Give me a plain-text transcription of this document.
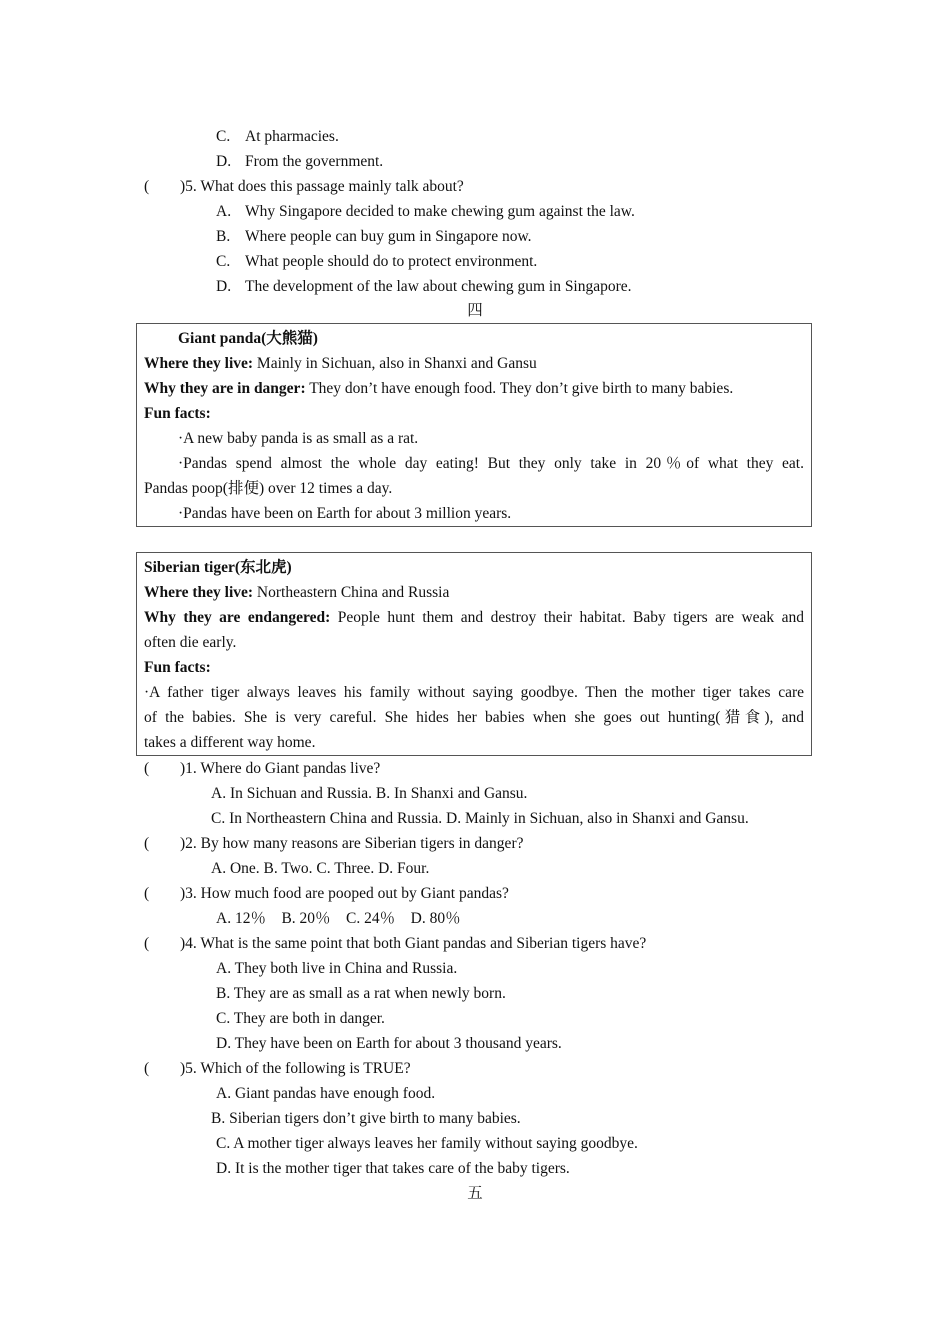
C. At pharmacies.
D. From the government.
( )5. What does this passage mainly talk about?
A. Why Singapore decided to make chewing gum against the law.
B. Where people can buy gum in Singapore now.
C. What people should do to protect environment.
D. The development of the law about chewing gum in Singapore.
四
Giant panda(大熊猫)
Where they live: Mainly in Sichuan, also in Shanxi and Gansu
Why they are in danger: They don’t have enough food. They don’t give birth to many babies.
Fun facts:
·A new baby panda is as small as a rat.
·Pandas spend almost the whole day eating! But they only take in 20％of what they eat.
Pandas poop(排便) over 12 times a day.
·Pandas have been on Earth for about 3 million years.
Siberian tiger(东北虎)
Where they live: Northeastern China and Russia
Why they are endangered: People hunt them and destroy their habitat. Baby tigers are weak and
often die early.
Fun facts:
·A father tiger always leaves his family without saying goodbye. Then the mother tiger takes care
of the babies. She is very careful. She hides her babies when she goes out hunting(猎食), and
takes a different way home.
( )1. Where do Giant pandas live?
A. In Sichuan and Russia. B. In Shanxi and Gansu.
C. In Northeastern China and Russia. D. Mainly in Sichuan, also in Shanxi and Gansu.
( )2. By how many reasons are Siberian tigers in danger?
A. One. B. Two. C. Three. D. Four.
( )3. How much food are pooped out by Giant pandas?
A. 12％    B. 20％    C. 24％    D. 80％
( )4. What is the same point that both Giant pandas and Siberian tigers have?
A. They both live in China and Russia.
B. They are as small as a rat when newly born.
C. They are both in danger.
D. They have been on Earth for about 3 thousand years.
( )5. Which of the following is TRUE?
A. Giant pandas have enough food.
B. Siberian tigers don’t give birth to many babies.
C. A mother tiger always leaves her family without saying goodbye.
D. It is the mother tiger that takes care of the baby tigers.
五
